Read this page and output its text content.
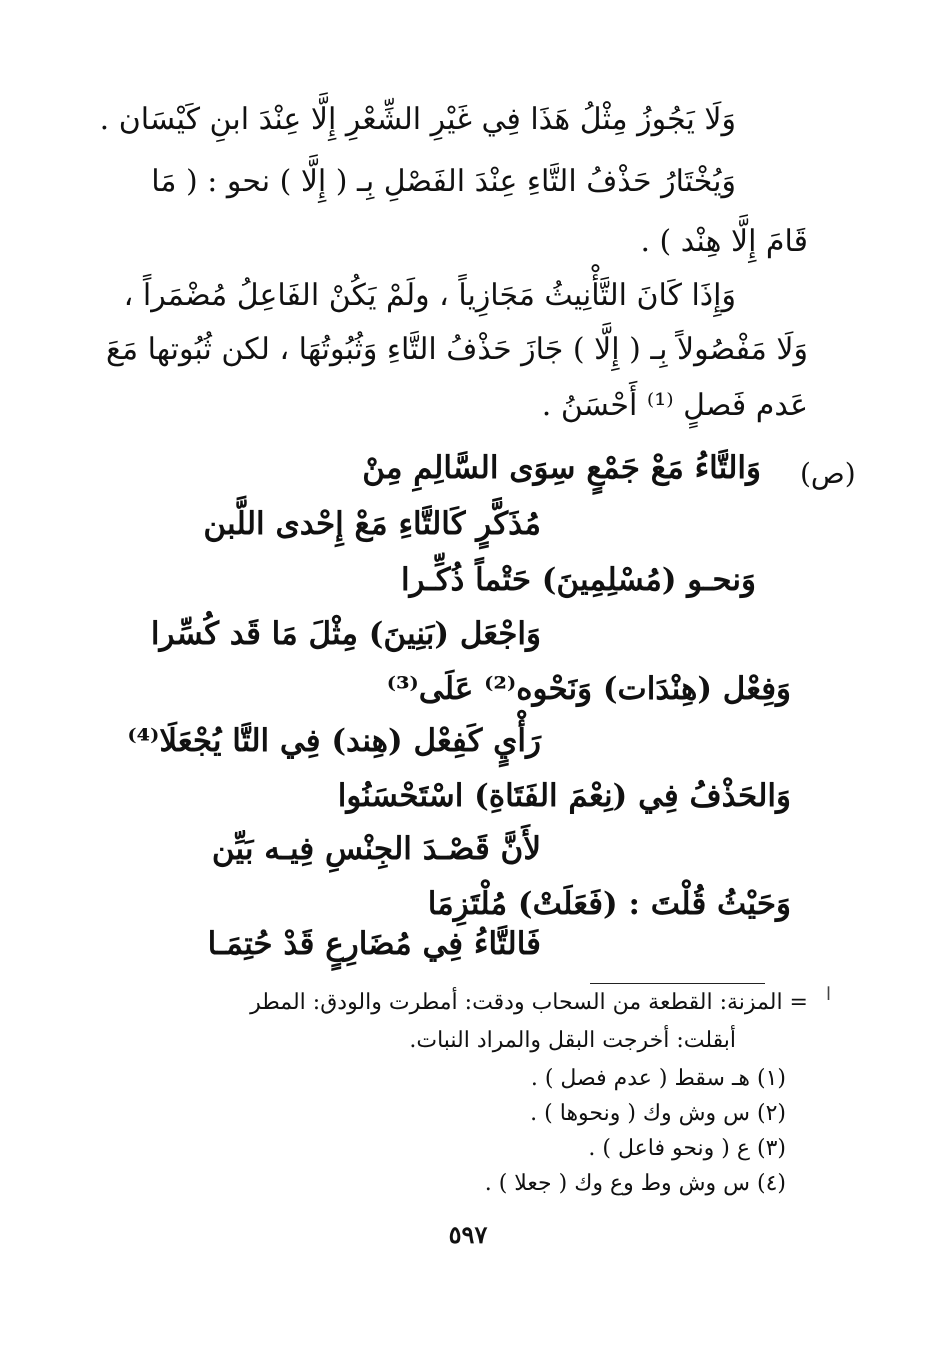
وَلَا يَجُوزُ مِثْلُ هَذَا فِي غَيْرِ الشِّعْرِ إِلَّا عِنْدَ ابنِ كَيْسَان .
وَيُخْتَارُ حَذْفُ التَّاءِ عِنْدَ الفَصْلِ بِـ ( إِلَّا ) نحو : ( مَا
قَامَ إِلَّا هِنْد ) .
وَإِذَا كَانَ التَّأْنِيثُ مَجَازِياً ، ولَمْ يَكُنْ الفَاعِلُ مُضْمَراً ،
وَلَا مَفْصُولاً بِـ ( إِلَّا ) جَازَ حَذْفُ التَّاءِ وَثُبُوتُهَا ، لكن ثُبُوتها مَعَ
عَدم فَصلٍ ⁽¹⁾ أَحْسَنُ .
(ص)
وَالتَّاءُ مَعْ جَمْعٍ سِوَى السَّالِمِ مِنْ
مُذَكَّرٍ كَالتَّاءِ مَعْ إِحْدى اللَّبن
وَنحـو (مُسْلِمِينَ) حَتْماً ذُكِّـرا
وَاجْعَل (بَنِينَ) مِثْلَ مَا قَد كُسِّرا
وَفِعْل (هِنْدَات) وَنَحْوه⁽²⁾ عَلَى⁽³⁾
رَأْيٍ كَفِعْل (هِند) فِي التَّا يُجْعَلَا⁽⁴⁾
وَالحَذْفُ فِي (نِعْمَ الفَتَاةِ) اسْتَحْسَنُوا
لأَنَّ قَصْـدَ الجِنْسِ فِيـه بَيِّن
وَحَيْثُ قُلْتَ : (فَعَلَتْ) مُلْتَزِمَا
فَالتَّاءُ فِي مُضَارِعٍ قَدْ حُتِمَـا
ا
= المزنة: القطعة من السحاب ودقت: أمطرت والودق: المطر
أبقلت: أخرجت البقل والمراد النبات.
(١) هـ سقط ( عدم فصل ) .
(٢) س وش وك ( ونحوها ) .
(٣) ع ( ونحو فاعل ) .
(٤) س وش وط وع وك ( جعلا ) .
٥٩٧
